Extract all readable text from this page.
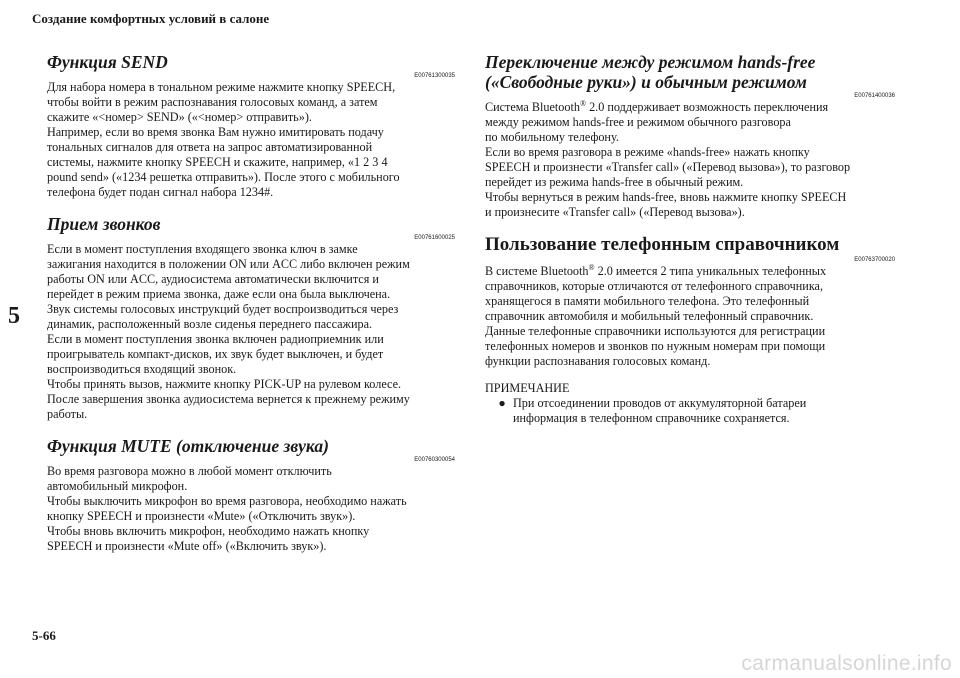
Создание комфортных условий в салоне
5
Функция SEND
E00761300035

Для набора номера в тональном режиме нажмите кнопку SPEECH,
чтобы войти в режим распознавания голосовых команд, а затем
скажите «<номер> SEND» («<номер> отправить»).
Например, если во время звонка Вам нужно имитировать подачу
тональных сигналов для ответа на запрос автоматизированной
системы, нажмите кнопку SPEECH и скажите, например, «1 2 3 4
pound send» («1234 решетка отправить»). После этого с мобильного
телефона будет подан сигнал набора 1234#.

Прием звонков
E00761600025

Если в момент поступления входящего звонка ключ в замке
зажигания находится в положении ON или ACC либо включен режим
работы ON или ACC, аудиосистема автоматически включится и
перейдет в режим приема звонка, даже если она была выключена.
Звук системы голосовых инструкций будет воспроизводиться через
динамик, расположенный возле сиденья переднего пассажира.
Если в момент поступления звонка включен радиоприемник или
проигрыватель компакт-дисков, их звук будет выключен, и будет
воспроизводиться входящий звонок.
Чтобы принять вызов, нажмите кнопку PICK-UP на рулевом колесе.
После завершения звонка аудиосистема вернется к прежнему режиму
работы.

Функция MUTE (отключение звука)
E00760300054

Во время разговора можно в любой момент отключить
автомобильный микрофон.
Чтобы выключить микрофон во время разговора, необходимо нажать
кнопку SPEECH и произнести «Mute» («Отключить звук»).
Чтобы вновь включить микрофон, необходимо нажать кнопку
SPEECH и произнести «Mute off» («Включить звук»).

Переключение между режимом hands-free
(«Свободные руки») и обычным режимом
E00761400036

Система Bluetooth® 2.0 поддерживает возможность переключения
между режимом hands-free и режимом обычного разговора
по мобильному телефону.
Если во время разговора в режиме «hands-free» нажать кнопку
SPEECH и произнести «Transfer call» («Перевод вызова»), то разговор
перейдет из режима hands-free в обычный режим.
Чтобы вернуться в режим hands-free, вновь нажмите кнопку SPEECH
и произнесите «Transfer call» («Перевод вызова»).

Пользование телефонным справочником
E00763700020

В системе Bluetooth® 2.0 имеется 2 типа уникальных телефонных
справочников, которые отличаются от телефонного справочника,
хранящегося в памяти мобильного телефона. Это телефонный
справочник автомобиля и мобильный телефонный справочник.
Данные телефонные справочники используются для регистрации
телефонных номеров и звонков по нужным номерам при помощи
функции распознавания голосовых команд.

ПРИМЕЧАНИЕ
● При отсоединении проводов от аккумуляторной батареи
информация в телефонном справочнике сохраняется.
5-66
carmanualsonline.info
